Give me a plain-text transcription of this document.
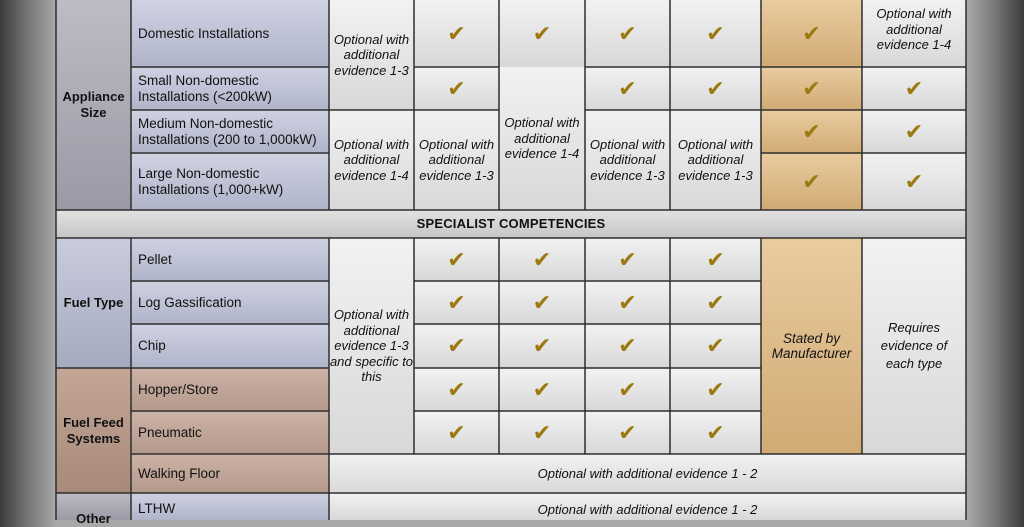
Appliance Size
Domestic Installations
Small Non-domestic Installations (<200kW)
Medium Non-domestic Installations (200 to 1,000kW)
Large Non-domestic Installations (1,000+kW)
Optional with additional evidence 1-3
Optional with additional evidence 1-4
✔
✔
Optional with additional evidence 1-3
✔
Optional with additional evidence 1-4
✔
✔
Optional with additional evidence 1-3
✔
✔
Optional with additional evidence 1-3
✔
✔
✔
✔
Optional with additional evidence 1-4
✔
✔
✔
SPECIALIST COMPETENCIES
Fuel Type
Pellet
Log Gassification
Chip
Fuel Feed Systems
Hopper/Store
Pneumatic
Walking Floor
Optional with additional evidence 1-3 and specific to this
✔
✔
✔
✔
✔
✔
✔
✔
✔
✔
✔
✔
✔
✔
✔
✔
✔
✔
✔
✔
Stated by Manufacturer
Requires evidence of each type
Optional with additional evidence 1 - 2
Other
LTHW	Optional with additional evidence 1 - 2
